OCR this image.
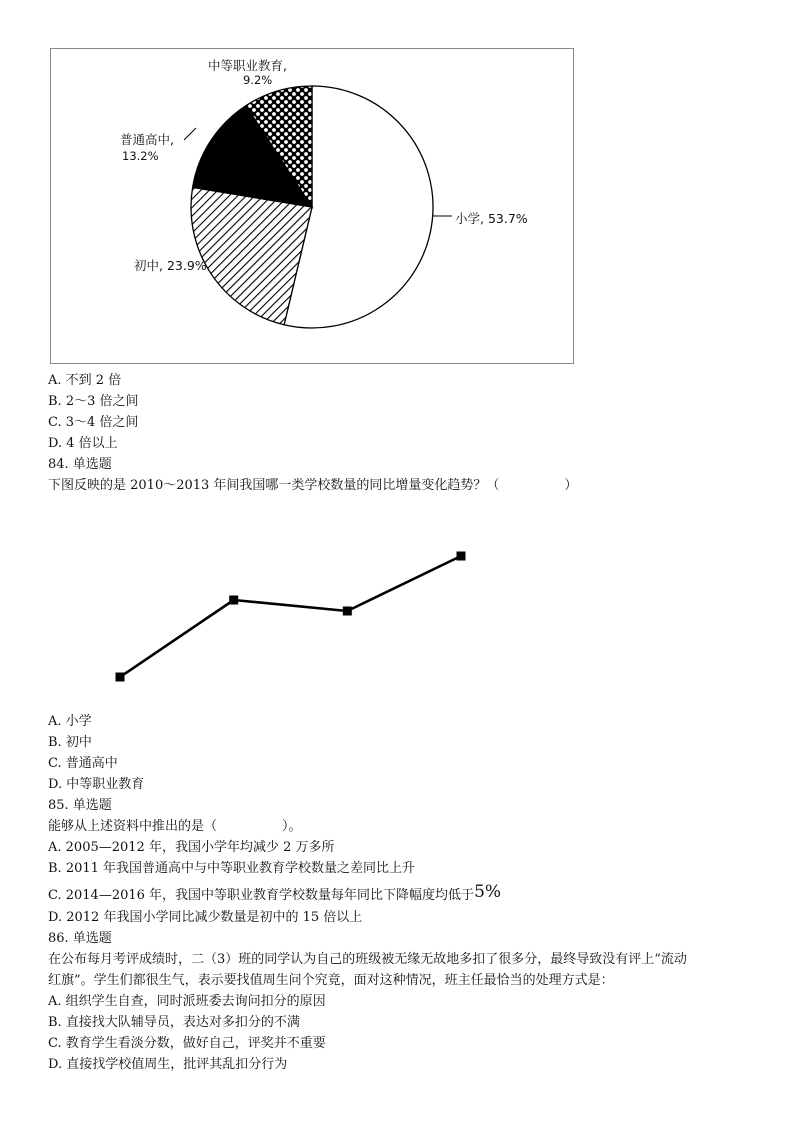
中等职业教育,
9.2%
普通高中,
13.2%
小学, 53.7%
初中, 23.9%
A. 不到 2 倍
B. 2～3 倍之间
C. 3～4 倍之间
D. 4 倍以上
84. 单选题
下图反映的是 2010～2013 年间我国哪一类学校数量的同比增量变化趋势？（　　　　　）
A. 小学
B. 初中
C. 普通高中
D. 中等职业教育
85. 单选题
能够从上述资料中推出的是（　　　　　）。
A. 2005—2012 年，我国小学年均减少 2 万多所
B. 2011 年我国普通高中与中等职业教育学校数量之差同比上升
C. 2014—2016 年，我国中等职业教育学校数量每年同比下降幅度均低于5%
D. 2012 年我国小学同比减少数量是初中的 15 倍以上
86. 单选题
在公布每月考评成绩时，二（3）班的同学认为自己的班级被无缘无故地多扣了很多分，最终导致没有评上“流动
红旗”。学生们都很生气，表示要找值周生问个究竟，面对这种情况，班主任最恰当的处理方式是：
A. 组织学生自查，同时派班委去询问扣分的原因
B. 直接找大队辅导员，表达对多扣分的不满
C. 教育学生看淡分数，做好自己，评奖并不重要
D. 直接找学校值周生，批评其乱扣分行为
